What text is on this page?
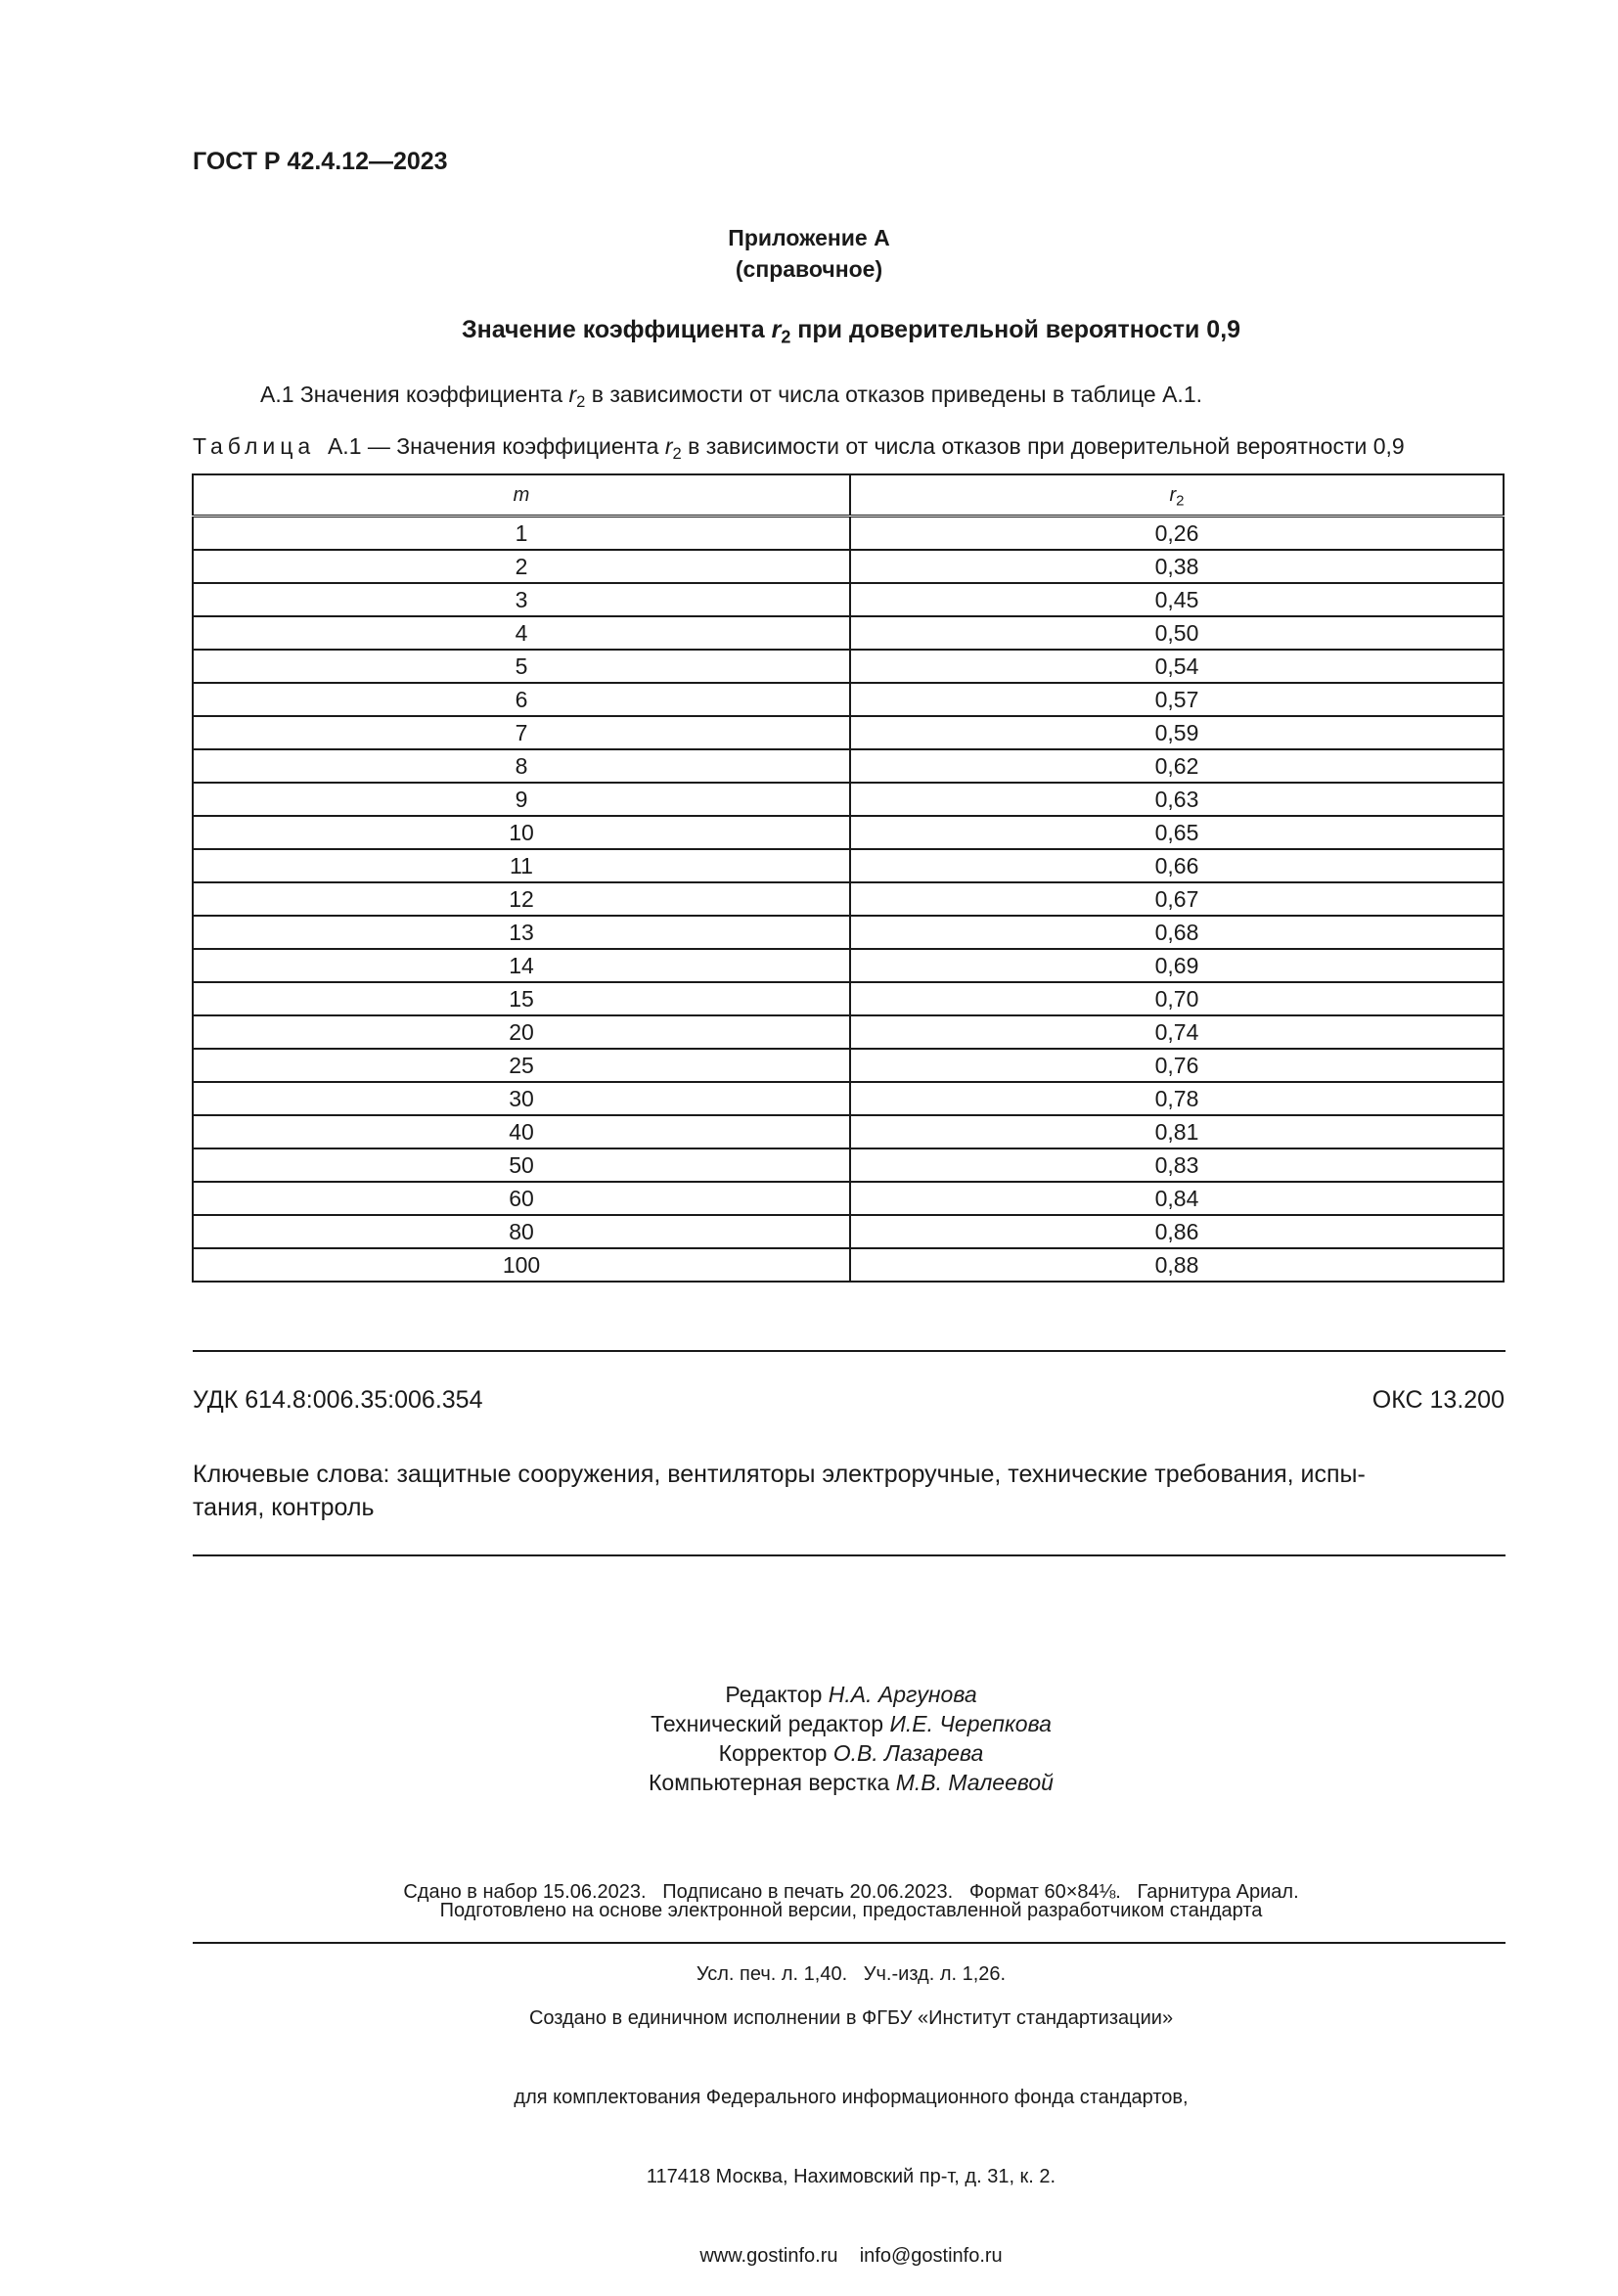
ГОСТ Р 42.4.12—2023
Приложение А
(справочное)
Значение коэффициента $r_2$ при доверительной вероятности 0,9
А.1 Значения коэффициента $r_2$ в зависимости от числа отказов приведены в таблице А.1.
Таблица А.1 — Значения коэффициента $r_2$ в зависимости от числа отказов при доверительной вероятности 0,9
m	$r_2$
1	0,26
2	0,38
3	0,45
4	0,50
5	0,54
6	0,57
7	0,59
8	0,62
9	0,63
10	0,65
11	0,66
12	0,67
13	0,68
14	0,69
15	0,70
20	0,74
25	0,76
30	0,78
40	0,81
50	0,83
60	0,84
80	0,86
100	0,88
УДК 614.8:006.35:006.354	ОКС 13.200
Ключевые слова: защитные сооружения, вентиляторы электроручные, технические требования, испы-
тания, контроль
Редактор Н.А. Аргунова
Технический редактор И.Е. Черепкова
Корректор О.В. Лазарева
Компьютерная верстка М.В. Малеевой

Сдано в набор 15.06.2023.   Подписано в печать 20.06.2023.   Формат 60×84⅛.   Гарнитура Ариал.

Усл. печ. л. 1,40.   Уч.-изд. л. 1,26.

Подготовлено на основе электронной версии, предоставленной разработчиком стандарта

Создано в единичном исполнении в ФГБУ «Институт стандартизации»

для комплектования Федерального информационного фонда стандартов,

117418 Москва, Нахимовский пр-т, д. 31, к. 2.

www.gostinfo.ru    info@gostinfo.ru
